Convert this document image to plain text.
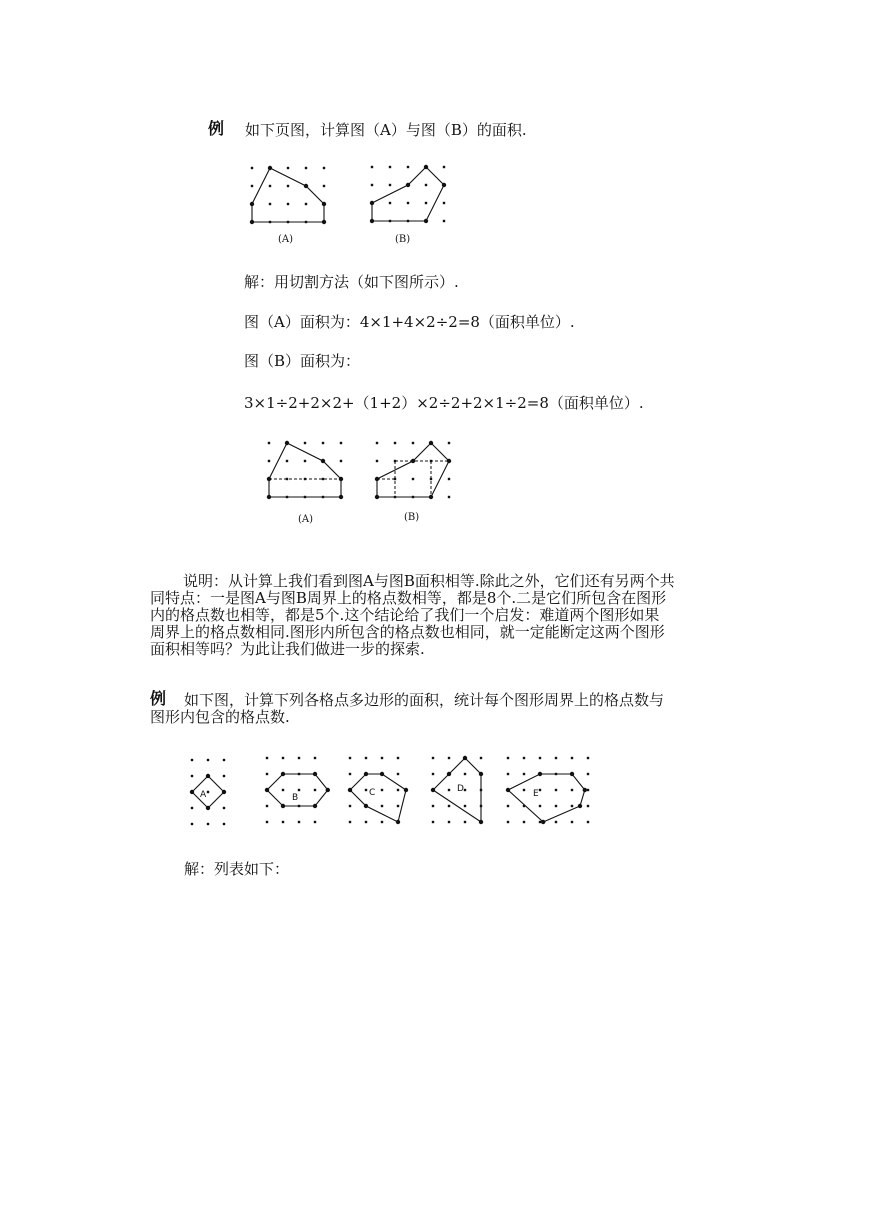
例 如下页图，计算图（A）与图（B）的面积.
A	B	C	D	E
(A)	(B)
解：用切割方法（如下图所示）.
图（A）面积为：4×1+4×2÷2=8（面积单位）.
图（B）面积为：
3×1÷2+2×2+（1+2）×2÷2+2×1÷2=8（面积单位）.
(A)	(B)
说明：从计算上我们看到图A与图B面积相等.除此之外，它们还有另两个共
同特点：一是图A与图B周界上的格点数相等，都是8个.二是它们所包含在图形
内的格点数也相等，都是5个.这个结论给了我们一个启发：难道两个图形如果
周界上的格点数相同.图形内所包含的格点数也相同，就一定能断定这两个图形
面积相等吗？为此让我们做进一步的探索.
例 如下图，计算下列各格点多边形的面积，统计每个图形周界上的格点数与
图形内包含的格点数.
解：列表如下：
